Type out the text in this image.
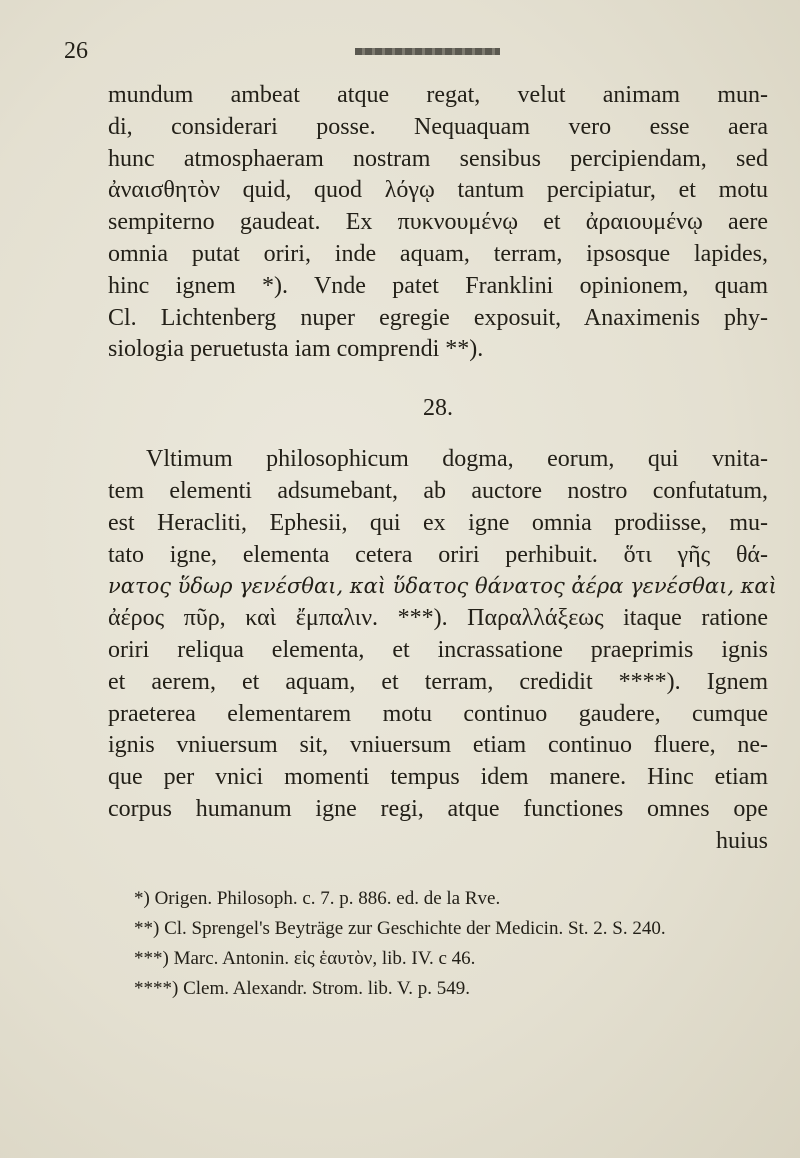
26
mundum ambeat atque regat, velut animam mun-
di, considerari posse. Nequaquam vero esse aera
hunc atmosphaeram nostram sensibus percipiendam, sed
ἀναισθητὸν quid, quod λόγῳ tantum percipiatur, et motu
sempiterno gaudeat. Ex πυκνουμένῳ et ἀραιουμένῳ aere
omnia putat oriri, inde aquam, terram, ipsosque lapides,
hinc ignem *). Vnde patet Franklini opinionem, quam
Cl. Lichtenberg nuper egregie exposuit, Anaximenis phy-
siologia peruetusta iam comprendi **).
28.
Vltimum philosophicum dogma, eorum, qui vnita-
tem elementi adsumebant, ab auctore nostro confutatum,
est Heracliti, Ephesii, qui ex igne omnia prodiisse, mu-
tato igne, elementa cetera oriri perhibuit. ὅτι γῆς θά-
νατος ὕδωρ γενέσθαι, καὶ ὕδατος θάνατος ἀέρα γενέσθαι, καὶ
ἀέρος πῦρ, καὶ ἔμπαλιν. ***). Παραλλάξεως itaque ratione
oriri reliqua elementa, et incrassatione praeprimis ignis
et aerem, et aquam, et terram, credidit ****). Ignem
praeterea elementarem motu continuo gaudere, cumque
ignis vniuersum sit, vniuersum etiam continuo fluere, ne-
que per vnici momenti tempus idem manere. Hinc etiam
corpus humanum igne regi, atque functiones omnes ope
huius
*) Origen. Philosoph. c. 7. p. 886. ed. de la Rve.
**) Cl. Sprengel's Beyträge zur Geschichte der Medicin. St. 2. S. 240.
***) Marc. Antonin. εἰς ἑαυτὸν, lib. IV. c 46.
****) Clem. Alexandr. Strom. lib. V. p. 549.
